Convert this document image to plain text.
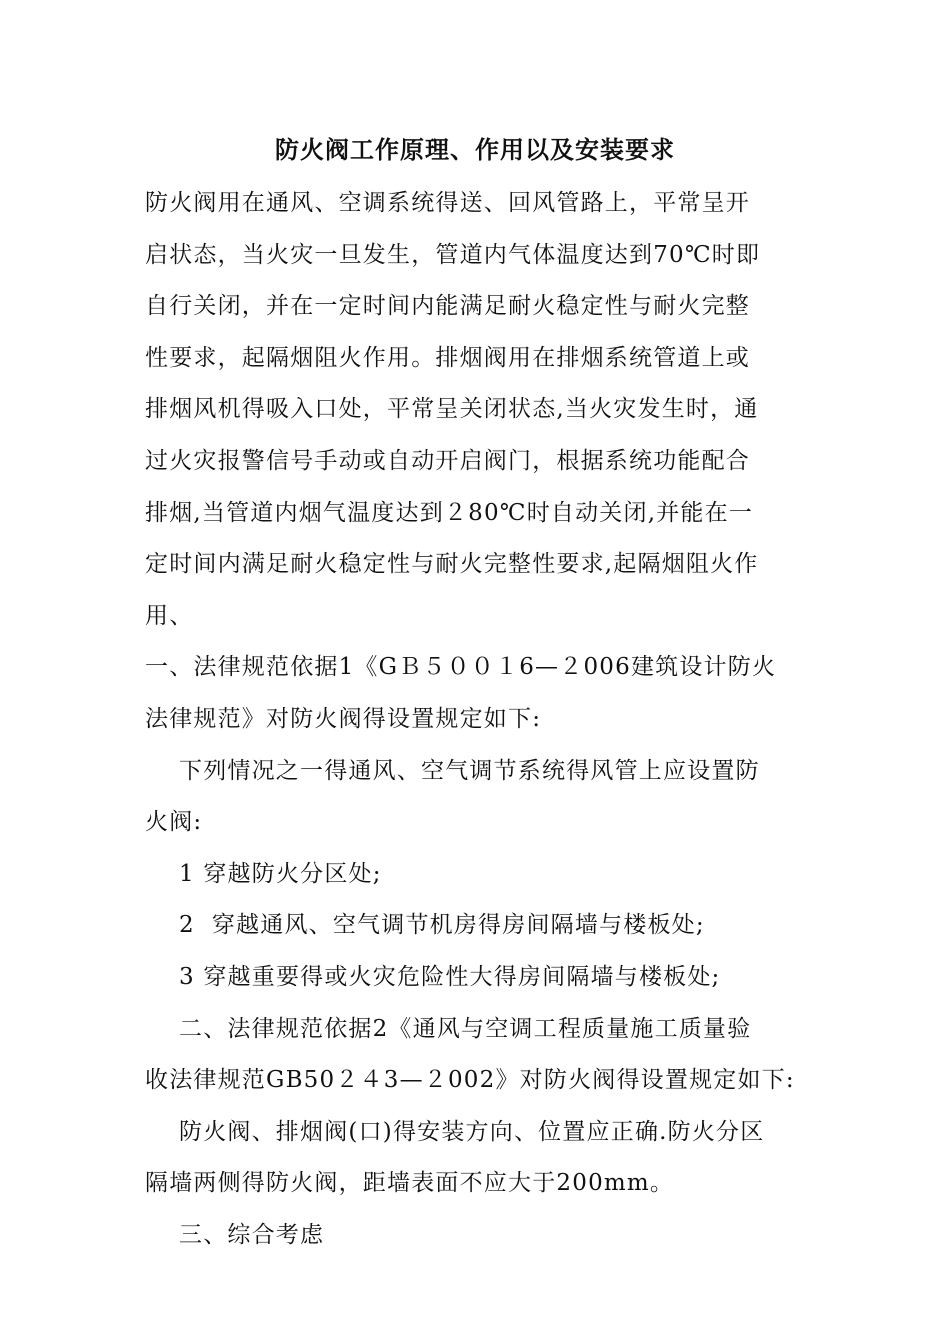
防火阀工作原理、作用以及安装要求
防火阀用在通风、空调系统得送、回风管路上，平常呈开
启状态，当火灾一旦发生，管道内气体温度达到70℃时即
自行关闭，并在一定时间内能满足耐火稳定性与耐火完整
性要求，起隔烟阻火作用。排烟阀用在排烟系统管道上或
排烟风机得吸入口处，平常呈关闭状态,当火灾发生时，通
过火灾报警信号手动或自动开启阀门，根据系统功能配合
排烟,当管道内烟气温度达到２80℃时自动关闭,并能在一
定时间内满足耐火稳定性与耐火完整性要求,起隔烟阻火作
用、
一、法律规范依据1《GＢ５００１6—２006建筑设计防火
法律规范》对防火阀得设置规定如下:
下列情况之一得通风、空气调节系统得风管上应设置防
火阀:
1 穿越防火分区处;
2  穿越通风、空气调节机房得房间隔墙与楼板处;
3 穿越重要得或火灾危险性大得房间隔墙与楼板处;
二、法律规范依据2《通风与空调工程质量施工质量验
收法律规范GB50２４3—２002》对防火阀得设置规定如下:
防火阀、排烟阀(口)得安装方向、位置应正确.防火分区
隔墙两侧得防火阀，距墙表面不应大于200mm。
三、综合考虑
